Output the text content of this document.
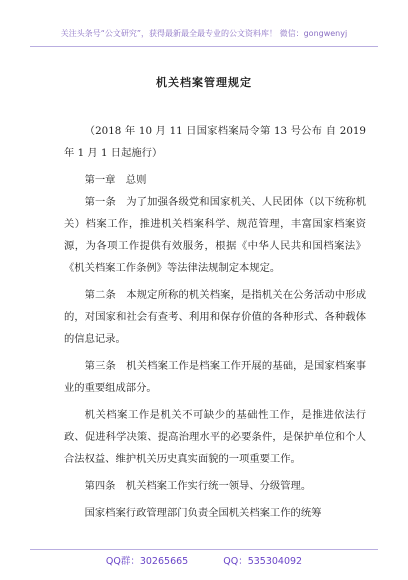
关注头条号“公文研究”，获得最新最全最专业的公文资料库！ 微信：gongwenyj
机关档案管理规定

（2018 年 10 月 11 日国家档案局令第 13 号公布 自 2019 年 1 月 1 日起施行）

第一章　总则

第一条　为了加强各级党和国家机关、人民团体（以下统称机关）档案工作，推进机关档案科学、规范管理，丰富国家档案资源，为各项工作提供有效服务，根据《中华人民共和国档案法》《机关档案工作条例》等法律法规制定本规定。

第二条　本规定所称的机关档案，是指机关在公务活动中形成的，对国家和社会有查考、利用和保存价值的各种形式、各种载体的信息记录。

第三条　机关档案工作是档案工作开展的基础，是国家档案事业的重要组成部分。

机关档案工作是机关不可缺少的基础性工作，是推进依法行政、促进科学决策、提高治理水平的必要条件，是保护单位和个人合法权益、维护机关历史真实面貌的一项重要工作。

第四条　机关档案工作实行统一领导、分级管理。

国家档案行政管理部门负责全国机关档案工作的统筹

QQ群：30265665	QQ：535304092
